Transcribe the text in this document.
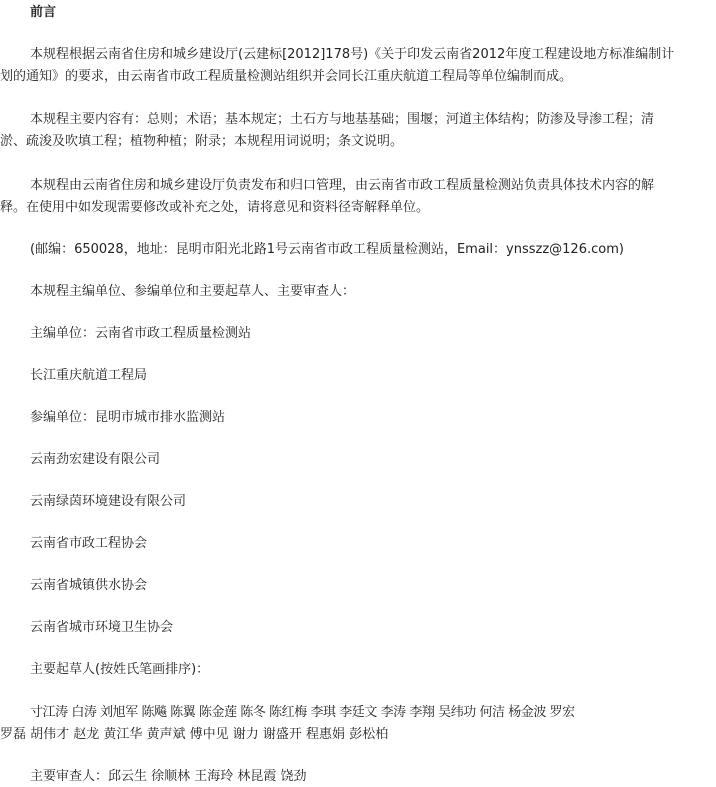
前言
本规程根据云南省住房和城乡建设厅(云建标[2012]178号)《关于印发云南省2012年度工程建设地方标准编制计
划的通知》的要求，由云南省市政工程质量检测站组织并会同长江重庆航道工程局等单位编制而成。
本规程主要内容有：总则；术语；基本规定；土石方与地基基础；围堰；河道主体结构；防渗及导渗工程；清
淤、疏浚及吹填工程；植物种植；附录；本规程用词说明；条文说明。
本规程由云南省住房和城乡建设厅负责发布和归口管理，由云南省市政工程质量检测站负责具体技术内容的解
释。在使用中如发现需要修改或补充之处，请将意见和资料径寄解释单位。
(邮编：650028，地址：昆明市阳光北路1号云南省市政工程质量检测站，Email：ynsszz@126.com)
本规程主编单位、参编单位和主要起草人、主要审查人：
主编单位：云南省市政工程质量检测站
长江重庆航道工程局
参编单位：昆明市城市排水监测站
云南劲宏建设有限公司
云南绿茵环境建设有限公司
云南省市政工程协会
云南省城镇供水协会
云南省城市环境卫生协会
主要起草人(按姓氏笔画排序)：
寸江涛 白涛 刘旭军 陈飚 陈翼 陈金莲 陈冬 陈红梅 李琪 李廷文 李涛 李翔 吴纬功 何洁 杨金波 罗宏
罗磊 胡伟才 赵龙 黄江华 黄声斌 傅中见 谢力 谢盛开 程惠娟 彭松柏
主要审查人：邱云生 徐顺林 王海玲 林昆霞 饶劲
